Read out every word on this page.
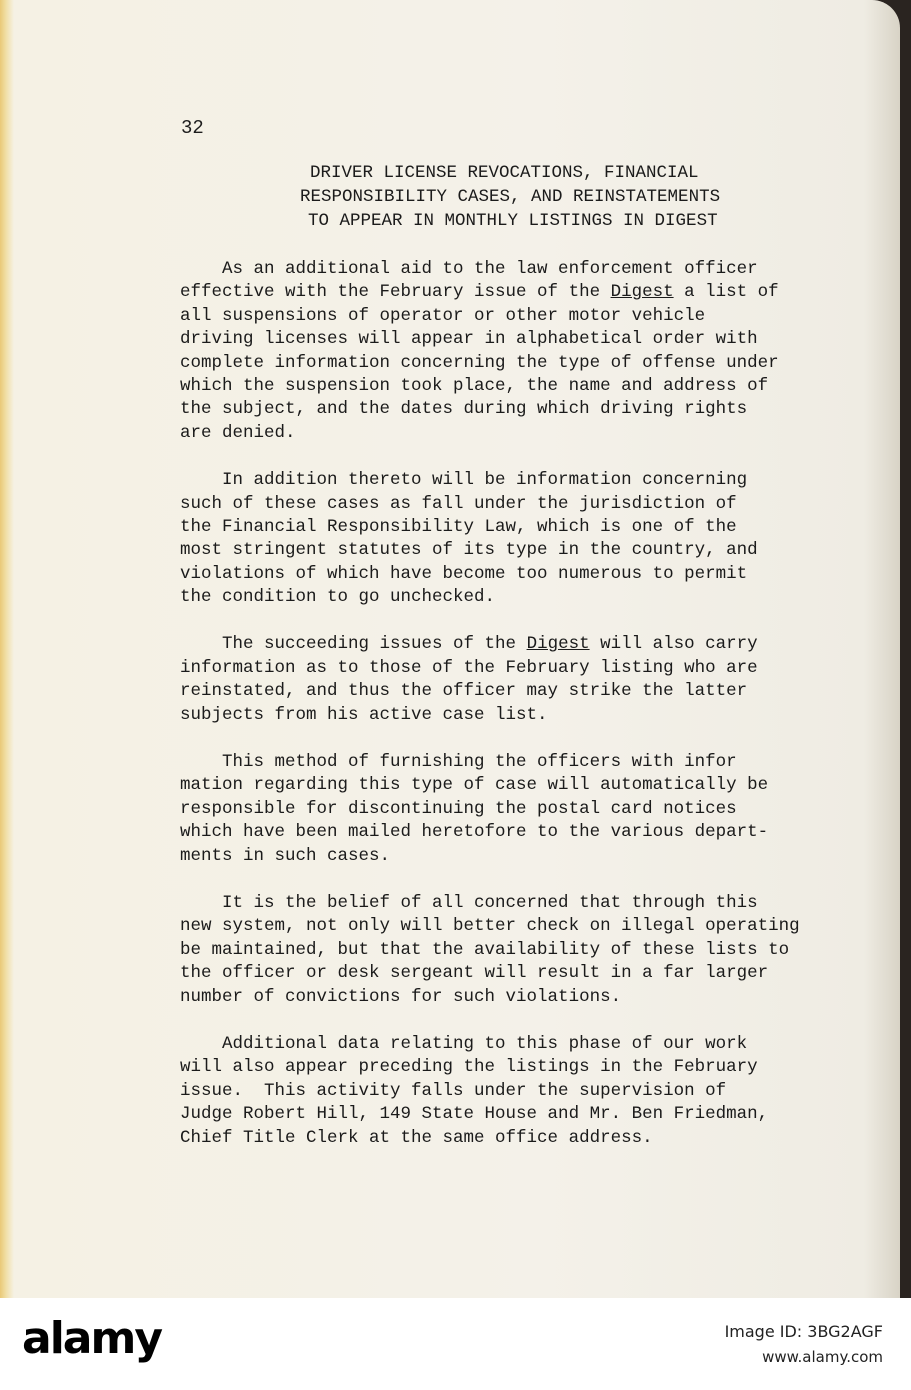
32
DRIVER LICENSE REVOCATIONS, FINANCIAL
RESPONSIBILITY CASES, AND REINSTATEMENTS
TO APPEAR IN MONTHLY LISTINGS IN DIGEST
As an additional aid to the law enforcement officer
effective with the February issue of the Digest a list of
all suspensions of operator or other motor vehicle
driving licenses will appear in alphabetical order with
complete information concerning the type of offense under
which the suspension took place, the name and address of
the subject, and the dates during which driving rights
are denied.
In addition thereto will be information concerning
such of these cases as fall under the jurisdiction of
the Financial Responsibility Law, which is one of the
most stringent statutes of its type in the country, and
violations of which have become too numerous to permit
the condition to go unchecked.
The succeeding issues of the Digest will also carry
information as to those of the February listing who are
reinstated, and thus the officer may strike the latter
subjects from his active case list.
This method of furnishing the officers with infor
mation regarding this type of case will automatically be
responsible for discontinuing the postal card notices
which have been mailed heretofore to the various depart-
ments in such cases.
It is the belief of all concerned that through this
new system, not only will better check on illegal operating
be maintained, but that the availability of these lists to
the officer or desk sergeant will result in a far larger
number of convictions for such violations.
Additional data relating to this phase of our work
will also appear preceding the listings in the February
issue.  This activity falls under the supervision of
Judge Robert Hill, 149 State House and Mr. Ben Friedman,
Chief Title Clerk at the same office address.
alamy	Image ID: 3BG2AGF
www.alamy.com
